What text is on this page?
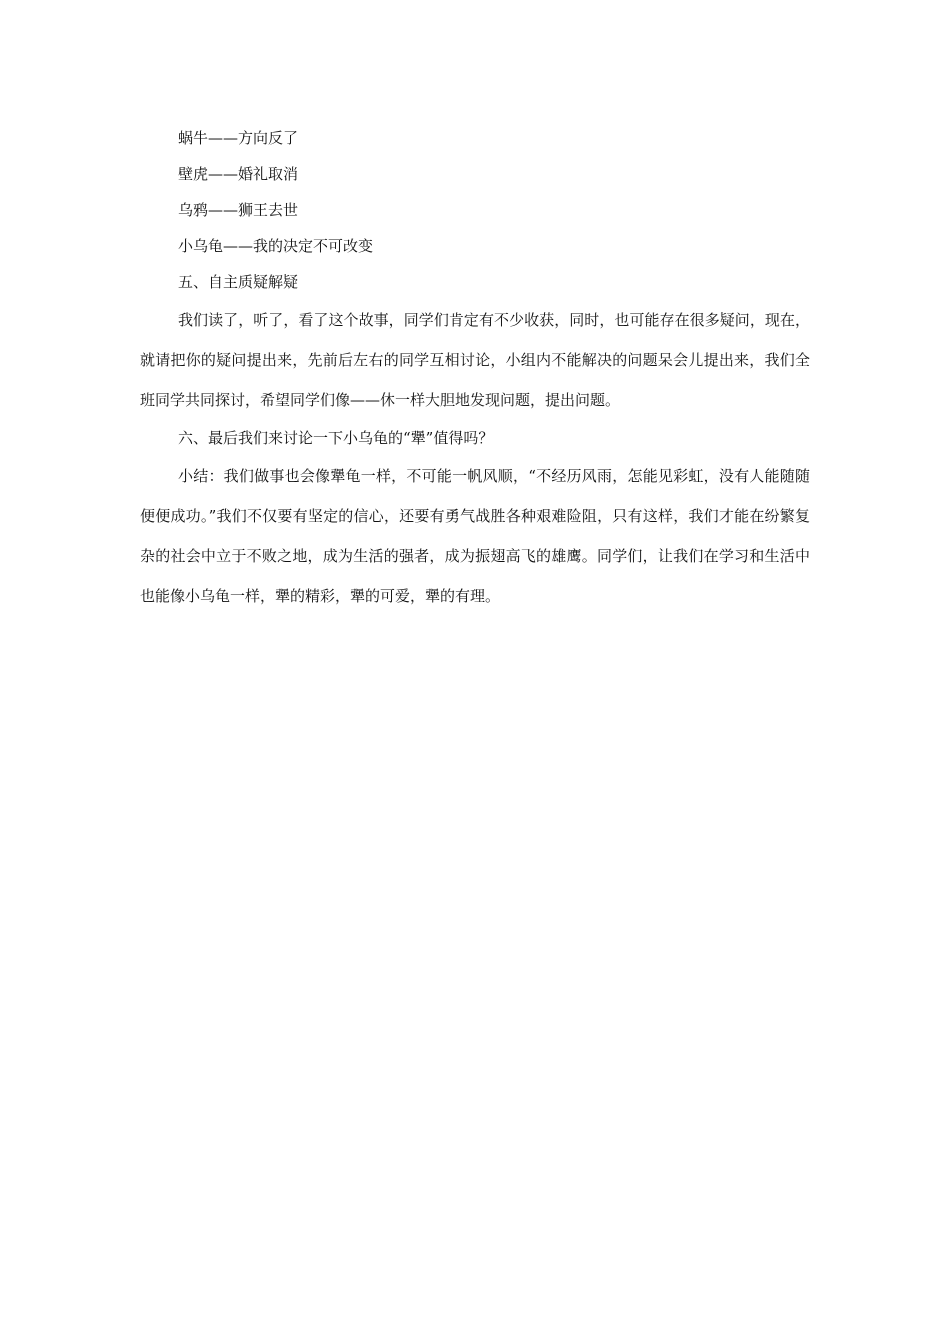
蜗牛——方向反了

壁虎——婚礼取消

乌鸦——狮王去世

小乌龟——我的决定不可改变

五、自主质疑解疑

我们读了，听了，看了这个故事，同学们肯定有不少收获，同时，也可能存在很多疑问，现在，就请把你的疑问提出来，先前后左右的同学互相讨论，小组内不能解决的问题呆会儿提出来，我们全班同学共同探讨，希望同学们像——休一样大胆地发现问题，提出问题。

六、最后我们来讨论一下小乌龟的“犟”值得吗？

小结：我们做事也会像犟龟一样，不可能一帆风顺，“不经历风雨，怎能见彩虹，没有人能随随便便成功。”我们不仅要有坚定的信心，还要有勇气战胜各种艰难险阻，只有这样，我们才能在纷繁复杂的社会中立于不败之地，成为生活的强者，成为振翅高飞的雄鹰。同学们，让我们在学习和生活中也能像小乌龟一样，犟的精彩，犟的可爱，犟的有理。
